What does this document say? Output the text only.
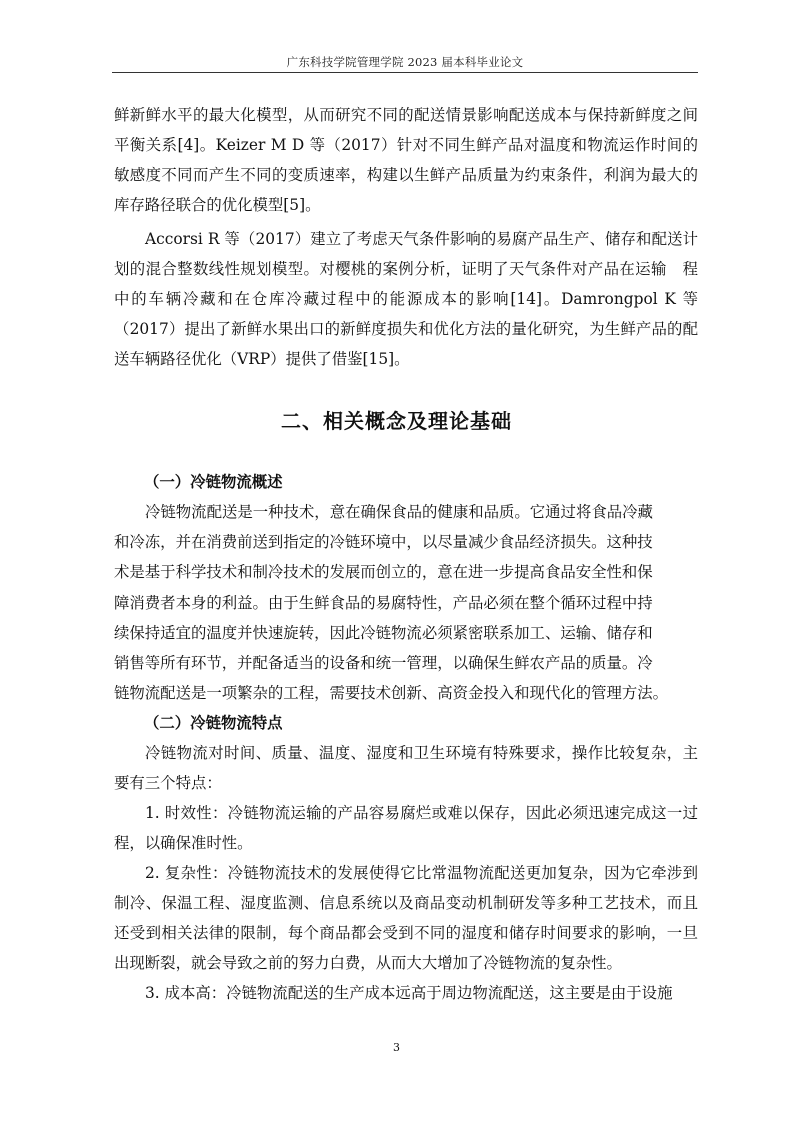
广东科技学院管理学院 2023 届本科毕业论文

鲜新鲜水平的最大化模型，从而研究不同的配送情景影响配送成本与保持新鲜度之间平衡关系[4]。Keizer M D 等（2017）针对不同生鲜产品对温度和物流运作时间的敏感度不同而产生不同的变质速率，构建以生鲜产品质量为约束条件，利润为最大的库存路径联合的优化模型[5]。

Accorsi R 等（2017）建立了考虑天气条件影响的易腐产品生产、储存和配送计划的混合整数线性规划模型。对樱桃的案例分析，证明了天气条件对产品在运输　程中的车辆冷藏和在仓库冷藏过程中的能源成本的影响[14]。Damrongpol K 等（2017）提出了新鲜水果出口的新鲜度损失和优化方法的量化研究，为生鲜产品的配送车辆路径优化（VRP）提供了借鉴[15]。

二、相关概念及理论基础

（一）冷链物流概述

冷链物流配送是一种技术，意在确保食品的健康和品质。它通过将食品冷藏

和冷冻，并在消费前送到指定的冷链环境中，以尽量减少食品经济损失。这种技

术是基于科学技术和制冷技术的发展而创立的，意在进一步提高食品安全性和保

障消费者本身的利益。由于生鲜食品的易腐特性，产品必须在整个循环过程中持

续保持适宜的温度并快速旋转，因此冷链物流必须紧密联系加工、运输、储存和

销售等所有环节，并配备适当的设备和统一管理，以确保生鲜农产品的质量。冷

链物流配送是一项繁杂的工程，需要技术创新、高资金投入和现代化的管理方法。

（二）冷链物流特点

冷链物流对时间、质量、温度、湿度和卫生环境有特殊要求，操作比较复杂，主要有三个特点：

1. 时效性：冷链物流运输的产品容易腐烂或难以保存，因此必须迅速完成这一过程，以确保准时性。

2. 复杂性：冷链物流技术的发展使得它比常温物流配送更加复杂，因为它牵涉到制冷、保温工程、湿度监测、信息系统以及商品变动机制研发等多种工艺技术，而且还受到相关法律的限制，每个商品都会受到不同的湿度和储存时间要求的影响，一旦出现断裂，就会导致之前的努力白费，从而大大增加了冷链物流的复杂性。

3. 成本高：冷链物流配送的生产成本远高于周边物流配送，这主要是由于设施

3
